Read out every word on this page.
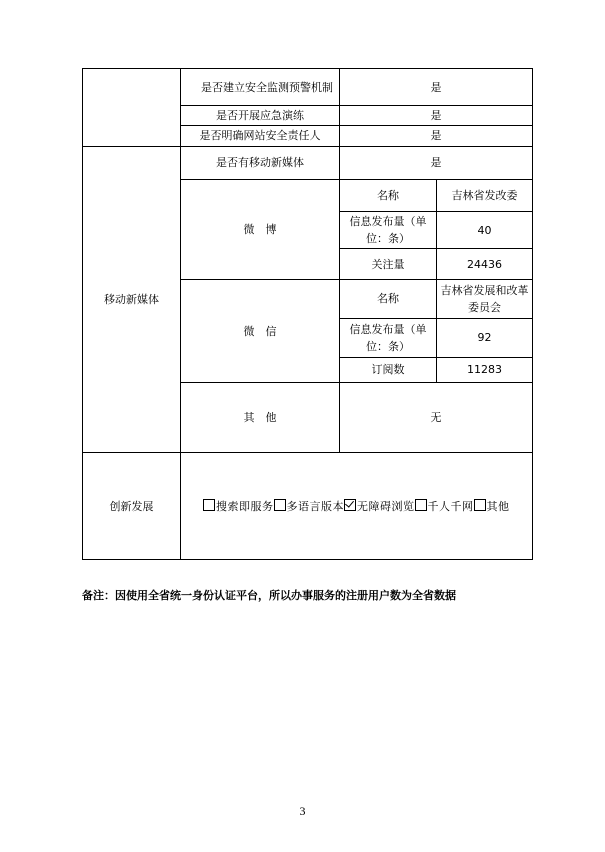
	是否建立安全监测预警机制	是	
	是否开展应急演练	是	
	是否明确网站安全责任人	是	
移动新媒体	是否有移动新媒体	是	
	微　博	名称	吉林省发改委
		信息发布量（单位：条）	40
		关注量	24436
	微　信	名称	吉林省发展和改革委员会
		信息发布量（单位：条）	92
		订阅数	11283
	其　他	无	
创新发展	搜索即服务 多语言版本 无障碍浏览 千人千网 其他		
备注：因使用全省统一身份认证平台，所以办事服务的注册用户数为全省数据
3
